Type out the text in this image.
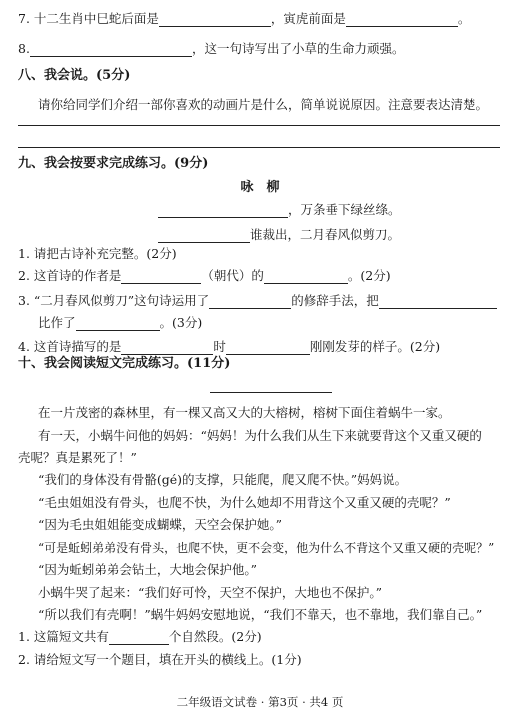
7. 十二生肖中巳蛇后面是	，寅虎前面是	。
8.	，这一句诗写出了小草的生命力顽强。
八、我会说。(5分)
请你给同学们介绍一部你喜欢的动画片是什么，简单说说原因。注意要表达清楚。
九、我会按要求完成练习。(9分)
咏　柳
，万条垂下绿丝绦。
谁裁出，二月春风似剪刀。
1. 请把古诗补充完整。(2分)
2. 这首诗的作者是	（朝代）的	。(2分)
3. “二月春风似剪刀”这句诗运用了	的修辞手法，把
比作了	。(3分)
4. 这首诗描写的是	时	刚刚发芽的样子。(2分)
十、我会阅读短文完成练习。(11分)
在一片茂密的森林里，有一棵又高又大的大榕树，榕树下面住着蜗牛一家。
有一天，小蜗牛问他的妈妈：“妈妈！为什么我们从生下来就要背这个又重又硬的
壳呢？真是累死了！”
“我们的身体没有骨骼(gé)的支撑，只能爬，爬又爬不快。”妈妈说。
“毛虫姐姐没有骨头，也爬不快，为什么她却不用背这个又重又硬的壳呢？”
“因为毛虫姐姐能变成蝴蝶，天空会保护她。”
“可是蚯蚓弟弟没有骨头，也爬不快，更不会变，他为什么不背这个又重又硬的壳呢？”
“因为蚯蚓弟弟会钻土，大地会保护他。”
小蜗牛哭了起来：“我们好可怜，天空不保护，大地也不保护。”
“所以我们有壳啊！”蜗牛妈妈安慰地说，“我们不靠天，也不靠地，我们靠自己。”
1. 这篇短文共有	个自然段。(2分)
2. 请给短文写一个题目，填在开头的横线上。(1分)
二年级语文试卷 · 第3页 · 共4 页
